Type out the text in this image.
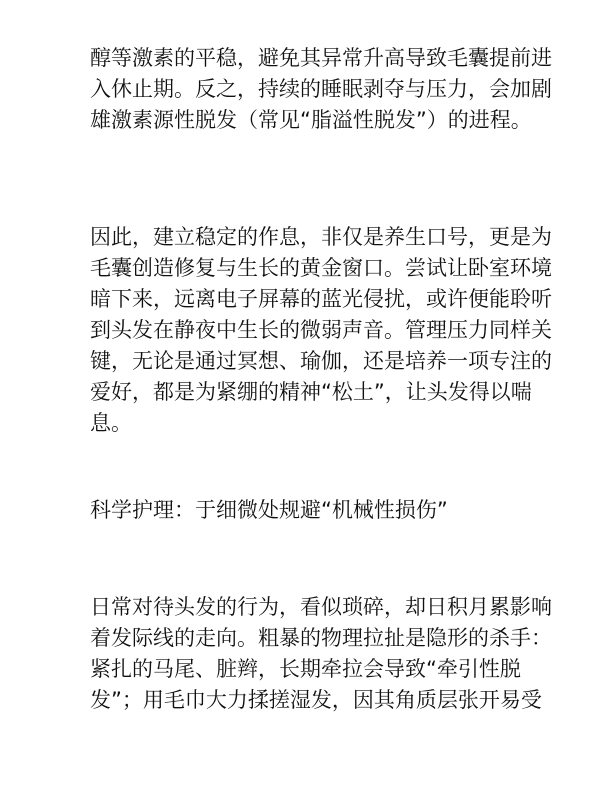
醇等激素的平稳，避免其异常升高导致毛囊提前进
入休止期。反之，持续的睡眠剥夺与压力，会加剧
雄激素源性脱发（常见“脂溢性脱发”）的进程。
因此，建立稳定的作息，非仅是养生口号，更是为
毛囊创造修复与生长的黄金窗口。尝试让卧室环境
暗下来，远离电子屏幕的蓝光侵扰，或许便能聆听
到头发在静夜中生长的微弱声音。管理压力同样关
键，无论是通过冥想、瑜伽，还是培养一项专注的
爱好，都是为紧绷的精神“松土”，让头发得以喘
息。
科学护理：于细微处规避“机械性损伤”
日常对待头发的行为，看似琐碎，却日积月累影响
着发际线的走向。粗暴的物理拉扯是隐形的杀手：
紧扎的马尾、脏辫，长期牵拉会导致“牵引性脱
发”；用毛巾大力揉搓湿发，因其角质层张开易受
